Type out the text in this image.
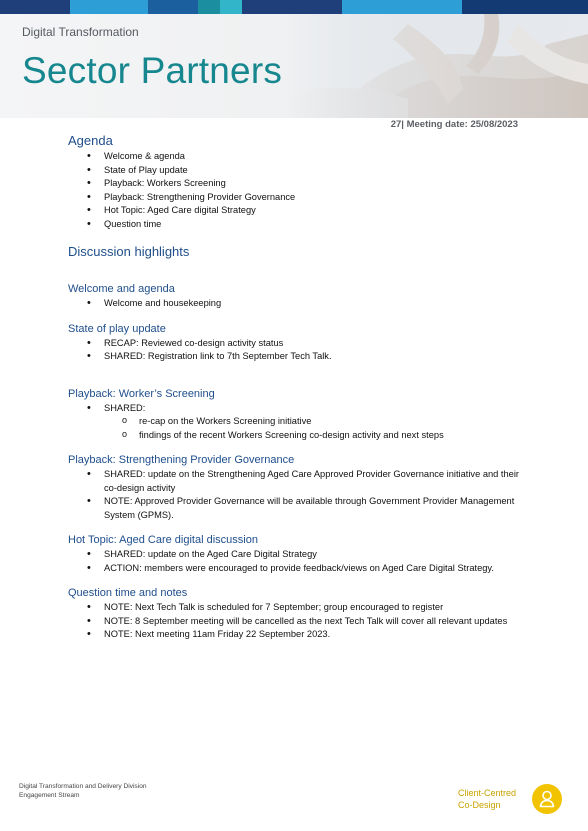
Digital Transformation
Sector Partners
27| Meeting date: 25/08/2023
Agenda
• Welcome & agenda
• State of Play update
• Playback: Workers Screening
• Playback: Strengthening Provider Governance
• Hot Topic: Aged Care digital Strategy
• Question time
Discussion highlights
Welcome and agenda
• Welcome and housekeeping
State of play update
• RECAP: Reviewed co-design activity status
• SHARED: Registration link to 7th September Tech Talk.
Playback: Worker’s Screening
• SHARED:
o re-cap on the Workers Screening initiative
o findings of the recent Workers Screening co-design activity and next steps
Playback: Strengthening Provider Governance
• SHARED: update on the Strengthening Aged Care Approved Provider Governance initiative and their co-design activity
• NOTE: Approved Provider Governance will be available through Government Provider Management System (GPMS).
Hot Topic: Aged Care digital discussion
• SHARED: update on the Aged Care Digital Strategy
• ACTION: members were encouraged to provide feedback/views on Aged Care Digital Strategy.
Question time and notes
• NOTE: Next Tech Talk is scheduled for 7 September; group encouraged to register
• NOTE: 8 September meeting will be cancelled as the next Tech Talk will cover all relevant updates
• NOTE: Next meeting 11am Friday 22 September 2023.
Digital Transformation and Delivery Division
Engagement Stream	Client-Centred
Co-Design
